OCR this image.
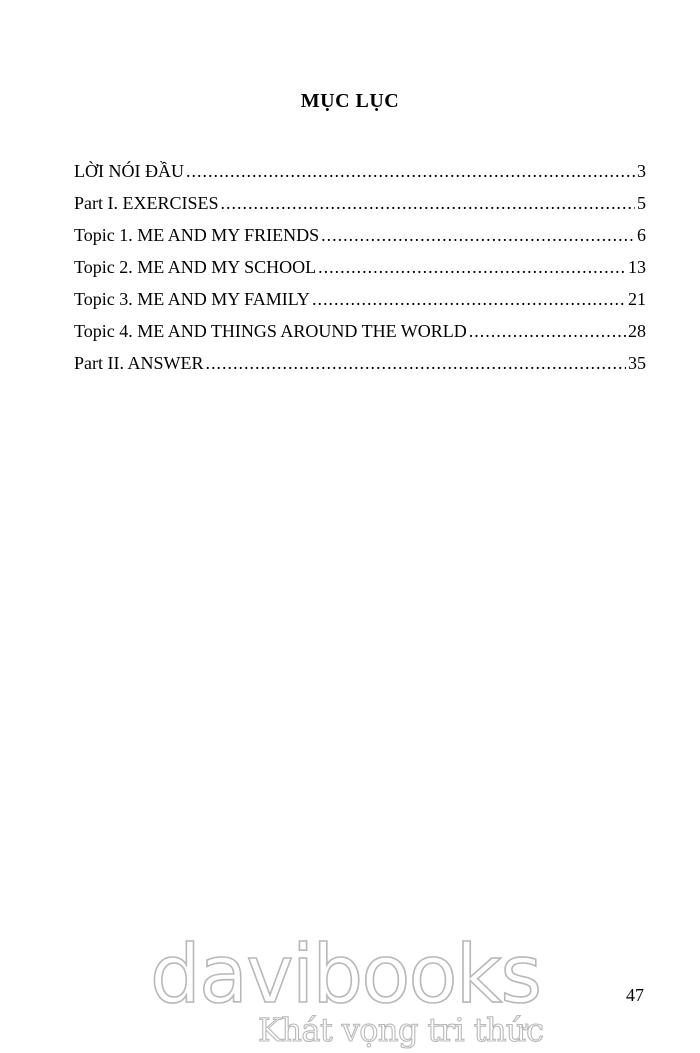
MỤC LỤC
LỜI NÓI ĐẦU .....	3
Part I. EXERCISES .....	5
Topic 1. ME AND MY FRIENDS .....	6
Topic 2. ME AND MY SCHOOL .....	13
Topic 3. ME AND MY FAMILY .....	21
Topic 4. ME AND THINGS AROUND THE WORLD .....	28
Part II. ANSWER .....	35
davibooks
Khát vọng tri thức
47
